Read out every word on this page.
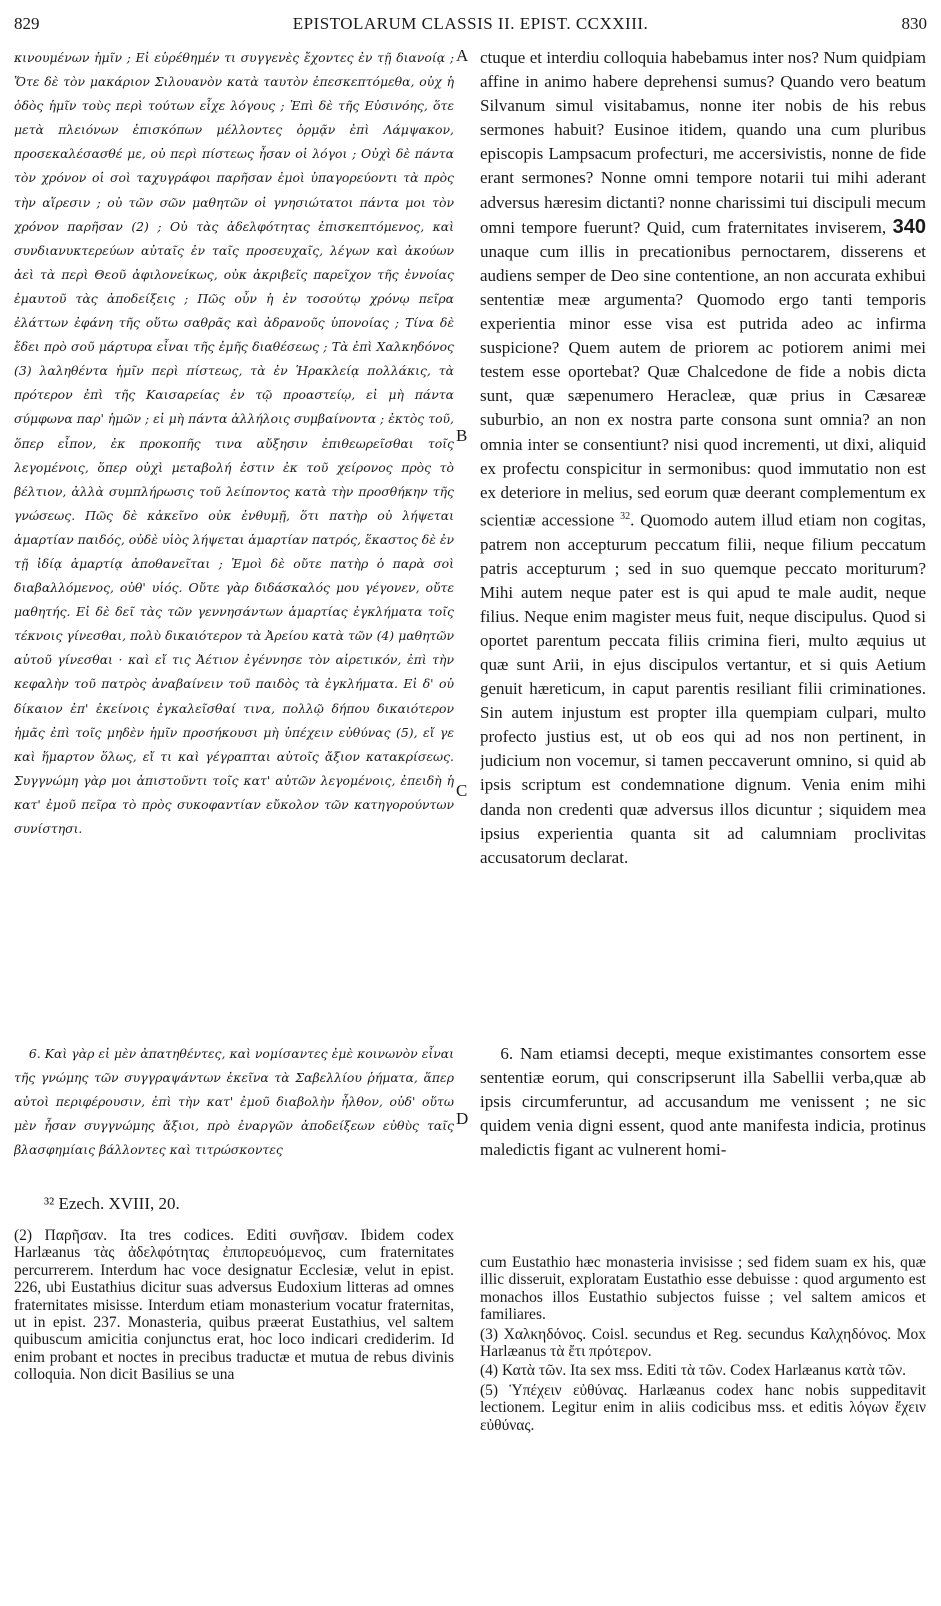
829	EPISTOLARUM CLASSIS II. EPIST. CCXXIII.	830

κινουμένων ἡμῖν ; Εἰ εὑρέθημέν τι συγγενὲς ἔχοντες ἐν τῇ διανοίᾳ ; Ὅτε δὲ τὸν μακάριον Σιλουανὸν κατὰ ταυτὸν ἐπεσκεπτόμεθα, οὐχ ἡ ὁδὸς ἡμῖν τοὺς περὶ τούτων εἶχε λόγους ; Ἐπὶ δὲ τῆς Εὐσινόης, ὅτε μετὰ πλειόνων ἐπισκόπων μέλλοντες ὁρμᾷν ἐπὶ Λάμψακον, προσεκαλέσασθέ με, οὐ περὶ πίστεως ἦσαν οἱ λόγοι ; Οὐχὶ δὲ πάντα τὸν χρόνον οἱ σοὶ ταχυγράφοι παρῆσαν ἐμοὶ ὑπαγορεύοντι τὰ πρὸς τὴν αἵρεσιν ; οὐ τῶν σῶν μαθητῶν οἱ γνησιώτατοι πάντα μοι τὸν χρόνον παρῆσαν (2) ; Οὐ τὰς ἀδελφότητας ἐπισκεπτόμενος, καὶ συνδιανυκτερεύων αὐταῖς ἐν ταῖς προσευχαῖς, λέγων καὶ ἀκούων ἀεὶ τὰ περὶ Θεοῦ ἀφιλονείκως, οὐκ ἀκριβεῖς παρεῖχον τῆς ἐννοίας ἐμαυτοῦ τὰς ἀποδείξεις ; Πῶς οὖν ἡ ἐν τοσούτῳ χρόνῳ πεῖρα ἐλάττων ἐφάνη τῆς οὕτω σαθρᾶς καὶ ἀδρανοῦς ὑπονοίας ; Τίνα δὲ ἔδει πρὸ σοῦ μάρτυρα εἶναι τῆς ἐμῆς διαθέσεως ; Τὰ ἐπὶ Χαλκηδόνος (3) λαληθέντα ἡμῖν περὶ πίστεως, τὰ ἐν Ἡρακλείᾳ πολλάκις, τὰ πρότερον ἐπὶ τῆς Καισαρείας ἐν τῷ προαστείῳ, εἰ μὴ πάντα σύμφωνα παρ' ἡμῶν ; εἰ μὴ πάντα ἀλλήλοις συμβαίνοντα ; ἐκτὸς τοῦ, ὅπερ εἶπον, ἐκ προκοπῆς τινα αὔξησιν ἐπιθεωρεῖσθαι τοῖς λεγομένοις, ὅπερ οὐχὶ μεταβολή ἐστιν ἐκ τοῦ χείρονος πρὸς τὸ βέλτιον, ἀλλὰ συμπλήρωσις τοῦ λείποντος κατὰ τὴν προσθήκην τῆς γνώσεως. Πῶς δὲ κἀκεῖνο οὐκ ἐνθυμῇ, ὅτι πατὴρ οὐ λήψεται ἁμαρτίαν παιδός, οὐδὲ υἱὸς λήψεται ἁμαρτίαν πατρός, ἕκαστος δὲ ἐν τῇ ἰδίᾳ ἁμαρτίᾳ ἀποθανεῖται ; Ἐμοὶ δὲ οὔτε πατὴρ ὁ παρὰ σοὶ διαβαλλόμενος, οὐθ' υἱός. Οὔτε γὰρ διδάσκαλός μου γέγονεν, οὔτε μαθητής. Εἰ δὲ δεῖ τὰς τῶν γεννησάντων ἁμαρτίας ἐγκλήματα τοῖς τέκνοις γίνεσθαι, πολὺ δικαιότερον τὰ Ἀρείου κατὰ τῶν (4) μαθητῶν αὐτοῦ γίνεσθαι · καὶ εἴ τις Ἀέτιον ἐγέννησε τὸν αἱρετικόν, ἐπὶ τὴν κεφαλὴν τοῦ πατρὸς ἀναβαίνειν τοῦ παιδὸς τὰ ἐγκλήματα. Εἰ δ' οὐ δίκαιον ἐπ' ἐκείνοις ἐγκαλεῖσθαί τινα, πολλῷ δήπου δικαιότερον ἡμᾶς ἐπὶ τοῖς μηδὲν ἡμῖν προσήκουσι μὴ ὑπέχειν εὐθύνας (5), εἴ γε καὶ ἥμαρτον ὅλως, εἴ τι καὶ γέγραπται αὐτοῖς ἄξιον κατακρίσεως. Συγγνώμη γὰρ μοι ἀπιστοῦντι τοῖς κατ' αὐτῶν λεγομένοις, ἐπειδὴ ἡ κατ' ἐμοῦ πεῖρα τὸ πρὸς συκοφαντίαν εὔκολον τῶν κατηγορούντων συνίστησι.

A
B
C
D

ctuque et interdiu colloquia habebamus inter nos? Num quidpiam affine in animo habere deprehensi sumus? Quando vero beatum Silvanum simul visitabamus, nonne iter nobis de his rebus sermones habuit? Eusinoe itidem, quando una cum pluribus episcopis Lampsacum profecturi, me accersivistis, nonne de fide erant sermones? Nonne omni tempore notarii tui mihi aderant adversus hæresim dictanti? nonne charissimi tui discipuli mecum omni tempore fuerunt? Quid, cum fraternitates inviserem, 340 unaque cum illis in precationibus pernoctarem, disserens et audiens semper de Deo sine contentione, an non accurata exhibui sententiæ meæ argumenta? Quomodo ergo tanti temporis experientia minor esse visa est putrida adeo ac infirma suspicione? Quem autem de priorem ac potiorem animi mei testem esse oportebat? Quæ Chalcedone de fide a nobis dicta sunt, quæ sæpenumero Heracleæ, quæ prius in Cæsareæ suburbio, an non ex nostra parte consona sunt omnia? an non omnia inter se consentiunt? nisi quod incrementi, ut dixi, aliquid ex profectu conspicitur in sermonibus: quod immutatio non est ex deteriore in melius, sed eorum quæ deerant complementum ex scientiæ accessione $^{32}$. Quomodo autem illud etiam non cogitas, patrem non accepturum peccatum filii, neque filium peccatum patris accepturum ; sed in suo quemque peccato moriturum? Mihi autem neque pater est is qui apud te male audit, neque filius. Neque enim magister meus fuit, neque discipulus. Quod si oportet parentum peccata filiis crimina fieri, multo æquius ut quæ sunt Arii, in ejus discipulos vertantur, et si quis Aetium genuit hæreticum, in caput parentis resiliant filii criminationes. Sin autem injustum est propter illa quempiam culpari, multo profecto justius est, ut ob eos qui ad nos non pertinent, in judicium non vocemur, si tamen peccaverunt omnino, si quid ab ipsis scriptum est condemnatione dignum. Venia enim mihi danda non credenti quæ adversus illos dicuntur ; siquidem mea ipsius experientia quanta sit ad calumniam proclivitas accusatorum declarat.

6. Καὶ γὰρ εἰ μὲν ἀπατηθέντες, καὶ νομίσαντες ἐμὲ κοινωνὸν εἶναι τῆς γνώμης τῶν συγγραψάντων ἐκεῖνα τὰ Σαβελλίου ῥήματα, ἅπερ αὐτοὶ περιφέρουσιν, ἐπὶ τὴν κατ' ἐμοῦ διαβολὴν ἦλθον, οὐδ' οὕτω μὲν ἦσαν συγγνώμης ἄξιοι, πρὸ ἐναργῶν ἀποδείξεων εὐθὺς ταῖς βλασφημίαις βάλλοντες καὶ τιτρώσκοντες

6. Nam etiamsi decepti, meque existimantes consortem esse sententiæ eorum, qui conscripserunt illa Sabellii verba,quæ ab ipsis circumferuntur, ad accusandum me venissent ; ne sic quidem venia digni essent, quod ante manifesta indicia, protinus maledictis figant ac vulnerent homi-

³² Ezech. XVIII, 20.

(2) Παρῆσαν. Ita tres codices. Editi συνῆσαν. Ibidem codex Harlæanus τὰς ἀδελφότητας ἐπιπορευόμενος, cum fraternitates percurrerem. Interdum hac voce designatur Ecclesiæ, velut in epist. 226, ubi Eustathius dicitur suas adversus Eudoxium litteras ad omnes fraternitates misisse. Interdum etiam monasterium vocatur fraternitas, ut in epist. 237. Monasteria, quibus præerat Eustathius, vel saltem quibuscum amicitia conjunctus erat, hoc loco indicari crediderim. Id enim probant et noctes in precibus traductæ et mutua de rebus divinis colloquia. Non dicit Basilius se una

cum Eustathio hæc monasteria invisisse ; sed fidem suam ex his, quæ illic disseruit, exploratam Eustathio esse debuisse : quod argumento est monachos illos Eustathio subjectos fuisse ; vel saltem amicos et familiares.

(3) Χαλκηδόνος. Coisl. secundus et Reg. secundus Καλχηδόνος. Mox Harlæanus τὰ ἔτι πρότερον.

(4) Κατὰ τῶν. Ita sex mss. Editi τὰ τῶν. Codex Harlæanus κατὰ τῶν.

(5) Ὑπέχειν εὐθύνας. Harlæanus codex hanc nobis suppeditavit lectionem. Legitur enim in aliis codicibus mss. et editis λόγων ἔχειν εὐθύνας.
